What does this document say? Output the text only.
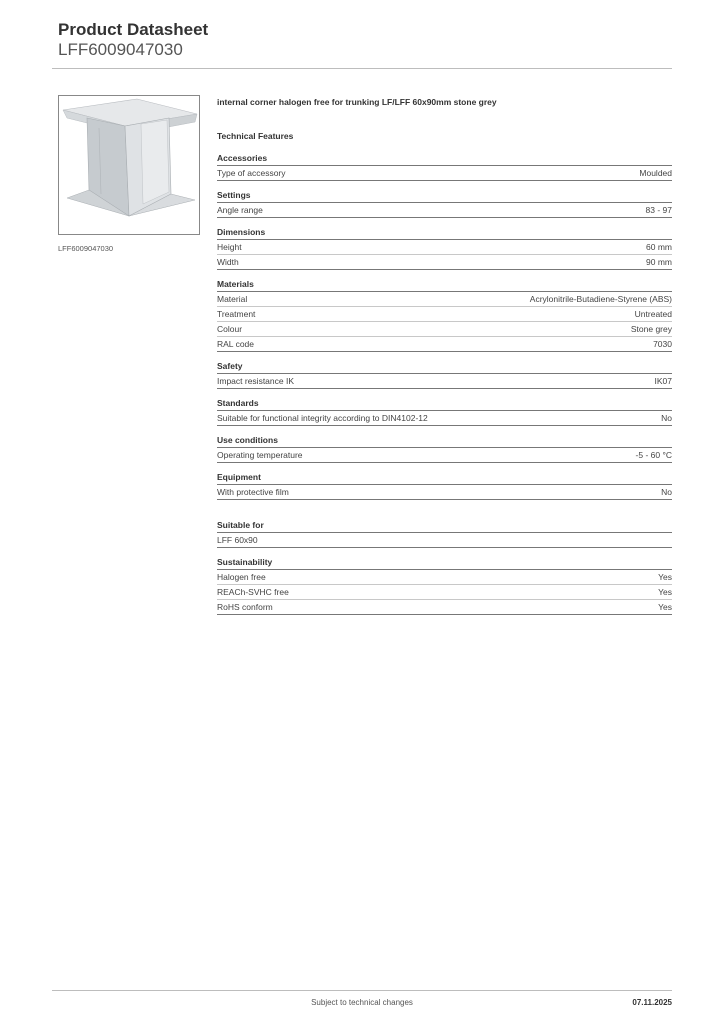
Product Datasheet
LFF6009047030
LFF6009047030
internal corner halogen free for trunking LF/LFF 60x90mm stone grey
Technical Features
Accessories
Type of accessory	Moulded
Settings
Angle range	83 - 97
Dimensions
Height	60 mm
Width	90 mm
Materials
Material	Acrylonitrile-Butadiene-Styrene (ABS)
Treatment	Untreated
Colour	Stone grey
RAL code	7030
Safety
Impact resistance IK	IK07
Standards
Suitable for functional integrity according to DIN4102-12	No
Use conditions
Operating temperature	-5 - 60 °C
Equipment
With protective film	No
Suitable for
LFF 60x90
Sustainability
Halogen free	Yes
REACh-SVHC free	Yes
RoHS conform	Yes
Subject to technical changes	07.11.2025
